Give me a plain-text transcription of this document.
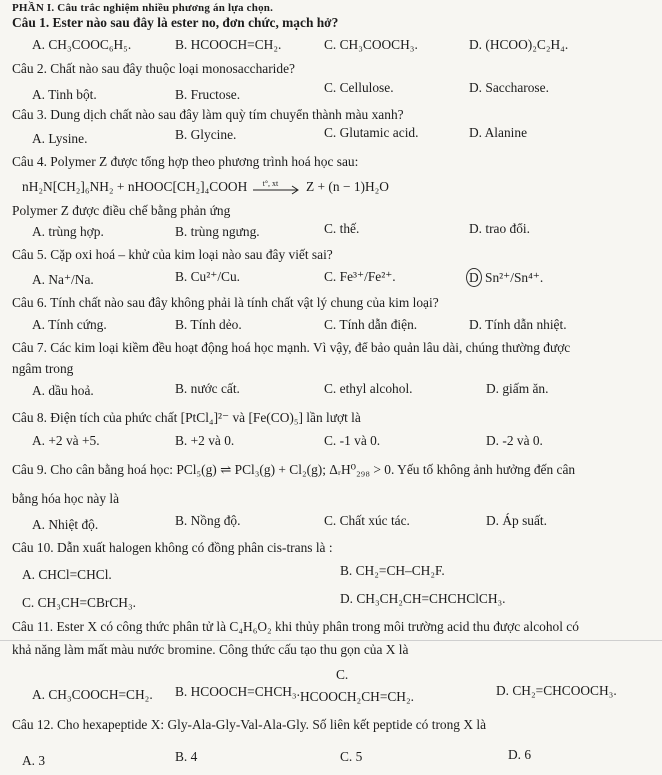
PHẦN I. Câu trắc nghiệm nhiều phương án lựa chọn.
Câu 1. Ester nào sau đây là ester no, đơn chức, mạch hở?
A. CH₃COOC₆H₅.	B. HCOOCH=CH₂.	C. CH₃COOCH₃.	D. (HCOO)₂C₂H₄.
Câu 2. Chất nào sau đây thuộc loại monosaccharide?
A. Tinh bột.	B. Fructose.	C. Cellulose.	D. Saccharose.
Câu 3. Dung dịch chất nào sau đây làm quỳ tím chuyển thành màu xanh?
A. Lysine.	B. Glycine.	C. Glutamic acid.	D. Alanine
Câu 4. Polymer Z được tổng hợp theo phương trình hoá học sau:
nH₂N[CH₂]₆NH₂ + nHOOC[CH₂]₄COOH t°, xt Z + (n − 1)H₂O
Polymer Z được điều chế bằng phản ứng
A. trùng hợp.	B. trùng ngưng.	C. thế.	D. trao đổi.
Câu 5. Cặp oxi hoá – khử của kim loại nào sau đây viết sai?
A. Na⁺/Na.	B. Cu²⁺/Cu.	C. Fe³⁺/Fe²⁺.	D Sn²⁺/Sn⁴⁺.
Câu 6. Tính chất nào sau đây không phải là tính chất vật lý chung của kim loại?
A. Tính cứng.	B. Tính dẻo.	C. Tính dẫn điện.	D. Tính dẫn nhiệt.
Câu 7. Các kim loại kiềm đều hoạt động hoá học mạnh. Vì vậy, để bảo quản lâu dài, chúng thường được
ngâm trong
A. dầu hoả.	B. nước cất.	C. ethyl alcohol.	D. giấm ăn.
Câu 8. Điện tích của phức chất [PtCl₄]²⁻ và [Fe(CO)₅] lần lượt là
A. +2 và +5.	B. +2 và 0.	C. -1 và 0.	D. -2 và 0.
Câu 9. Cho cân bằng hoá học: PCl₅(g) ⇌ PCl₃(g) + Cl₂(g); ΔᵣH⁰₂₉₈ > 0. Yếu tố không ảnh hưởng đến cân
bằng hóa học này là
A. Nhiệt độ.	B. Nồng độ.	C. Chất xúc tác.	D. Áp suất.
Câu 10. Dẫn xuất halogen không có đồng phân cis-trans là :
A. CHCl=CHCl.	B. CH₂=CH–CH₂F.
C. CH₃CH=CBrCH₃.	D. CH₃CH₂CH=CHCHClCH₃.
Câu 11. Ester X có công thức phân tử là C₄H₆O₂ khi thủy phân trong môi trường acid thu được alcohol có
khả năng làm mất màu nước bromine. Công thức cấu tạo thu gọn của X là
A. CH₃COOCH=CH₂. B. HCOOCH=CHCH₃.
C.
HCOOCH₂CH=CH₂.	D. CH₂=CHCOOCH₃.
Câu 12. Cho hexapeptide X: Gly-Ala-Gly-Val-Ala-Gly. Số liên kết peptide có trong X là
A. 3	B. 4	C. 5	D. 6
